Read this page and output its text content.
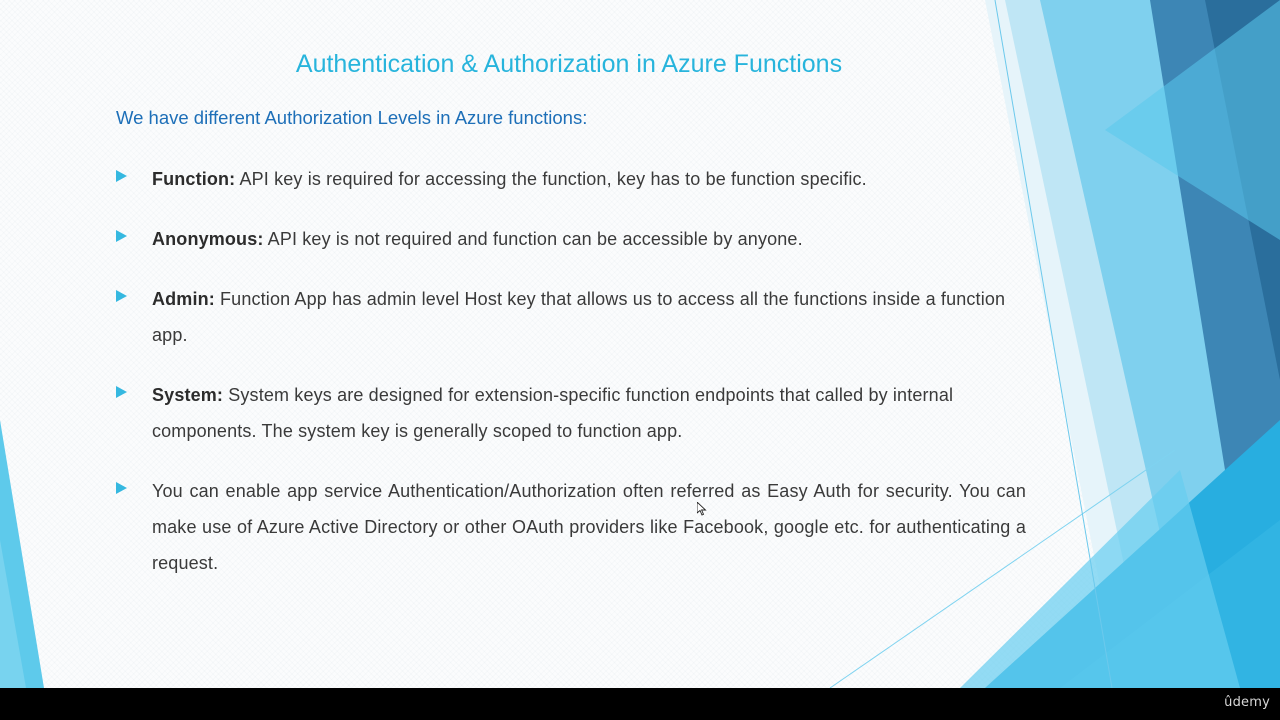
Authentication & Authorization in Azure Functions
We have different Authorization Levels in Azure functions:
Function: API key is required for accessing the function, key has to be function specific.
Anonymous: API key is not required and function can be accessible by anyone.
Admin: Function App has admin level Host key that allows us to access all the functions inside a function app.
System: System keys are designed for extension-specific function endpoints that called by internal components. The system key is generally scoped to function app.
You can enable app service Authentication/Authorization often referred as Easy Auth for security. You can make use of Azure Active Directory or other OAuth providers like Facebook, google etc. for authenticating a request.
ûdemy
